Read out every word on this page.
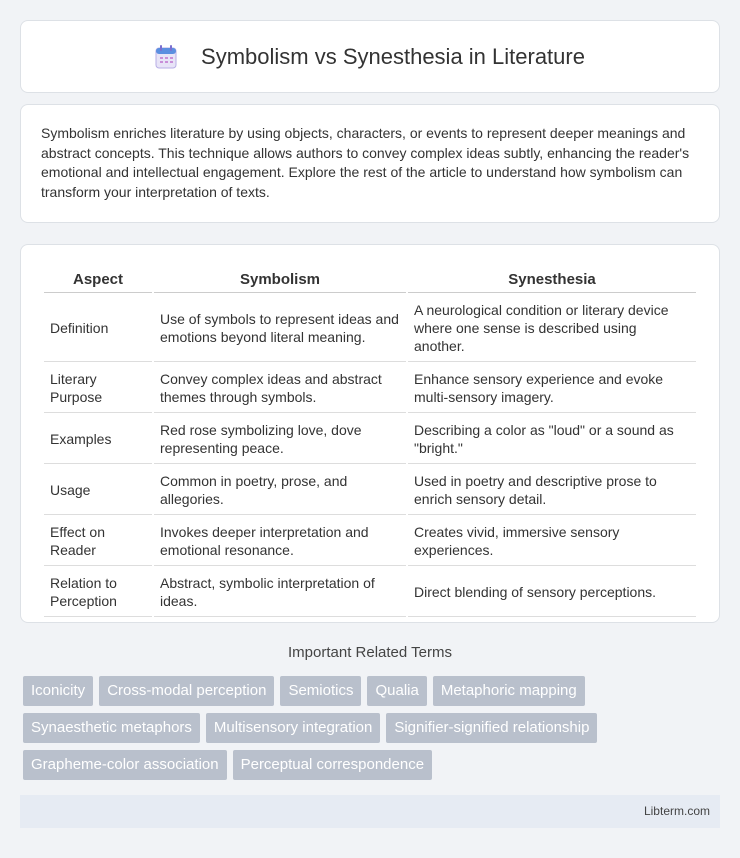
Symbolism vs Synesthesia in Literature

Symbolism enriches literature by using objects, characters, or events to represent deeper meanings and abstract concepts. This technique allows authors to convey complex ideas subtly, enhancing the reader's emotional and intellectual engagement. Explore the rest of the article to understand how symbolism can transform your interpretation of texts.

Aspect	Symbolism	Synesthesia
Definition	Use of symbols to represent ideas and emotions beyond literal meaning.	A neurological condition or literary device where one sense is described using another.
Literary Purpose	Convey complex ideas and abstract themes through symbols.	Enhance sensory experience and evoke multi-sensory imagery.
Examples	Red rose symbolizing love, dove representing peace.	Describing a color as "loud" or a sound as "bright."
Usage	Common in poetry, prose, and allegories.	Used in poetry and descriptive prose to enrich sensory detail.
Effect on Reader	Invokes deeper interpretation and emotional resonance.	Creates vivid, immersive sensory experiences.
Relation to Perception	Abstract, symbolic interpretation of ideas.	Direct blending of sensory perceptions.
Important Related Terms
Iconicity	Cross-modal perception	Semiotics	Qualia	Metaphoric mapping
Synaesthetic metaphors	Multisensory integration	Signifier-signified relationship
Grapheme-color association	Perceptual correspondence
Libterm.com
